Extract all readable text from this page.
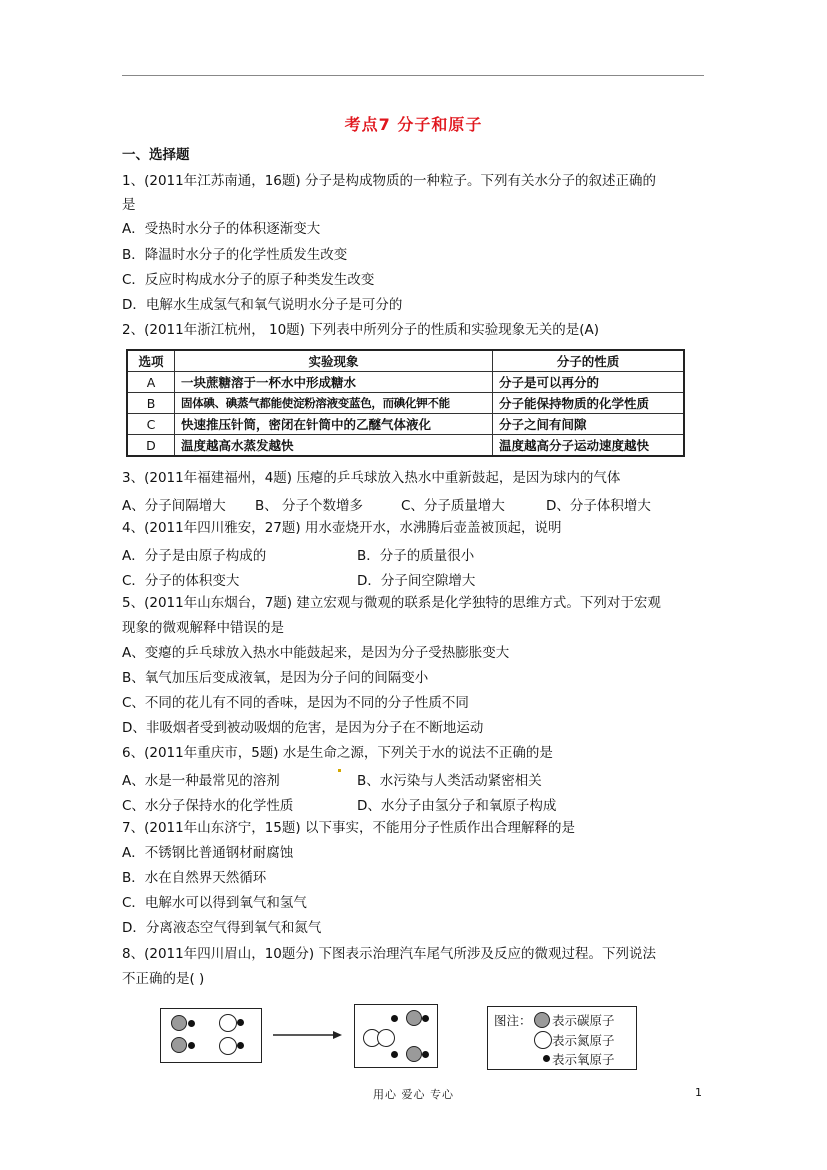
考点7 分子和原子
一、选择题
1、(2011年江苏南通，16题) 分子是构成物质的一种粒子。下列有关水分子的叙述正确的
是
A．受热时水分子的体积逐渐变大
B．降温时水分子的化学性质发生改变
C．反应时构成水分子的原子种类发生改变
D．电解水生成氢气和氧气说明水分子是可分的
2、(2011年浙江杭州， 10题) 下列表中所列分子的性质和实验现象无关的是(A)
选项	实验现象	分子的性质
A	一块蔗糖溶于一杯水中形成糖水	分子是可以再分的
B	固体碘、碘蒸气都能使淀粉溶液变蓝色，而碘化钾不能	分子能保持物质的化学性质
C	快速推压针筒，密闭在针筒中的乙醚气体液化	分子之间有间隙
D	温度越高水蒸发越快	温度越高分子运动速度越快
3、(2011年福建福州，4题) 压瘪的乒乓球放入热水中重新鼓起，是因为球内的气体
A、分子间隔增大 B、 分子个数增多	C、分子质量增大	D、分子体积增大
4、(2011年四川雅安，27题) 用水壶烧开水，水沸腾后壶盖被顶起，说明
A．分子是由原子构成的	B．分子的质量很小
C．分子的体积变大	D．分子间空隙增大
5、(2011年山东烟台，7题) 建立宏观与微观的联系是化学独特的思维方式。下列对于宏观
现象的微观解释中错误的是
A、变瘪的乒乓球放入热水中能鼓起来，是因为分子受热膨胀变大
B、氧气加压后变成液氧，是因为分子问的间隔变小
C、不同的花儿有不同的香味，是因为不同的分子性质不同
D、非吸烟者受到被动吸烟的危害，是因为分子在不断地运动
6、(2011年重庆市，5题) 水是生命之源，下列关于水的说法不正确的是
A、水是一种最常见的溶剂	B、水污染与人类活动紧密相关
C、水分子保持水的化学性质	D、水分子由氢分子和氧原子构成
7、(2011年山东济宁，15题) 以下事实，不能用分子性质作出合理解释的是
A．不锈钢比普通钢材耐腐蚀
B．水在自然界天然循环
C．电解水可以得到氧气和氢气
D．分离液态空气得到氧气和氮气
8、(2011年四川眉山，10题分) 下图表示治理汽车尾气所涉及反应的微观过程。下列说法
不正确的是( )
图注： 表示碳原子
表示氮原子
表示氧原子
用心 爱心 专心	1
